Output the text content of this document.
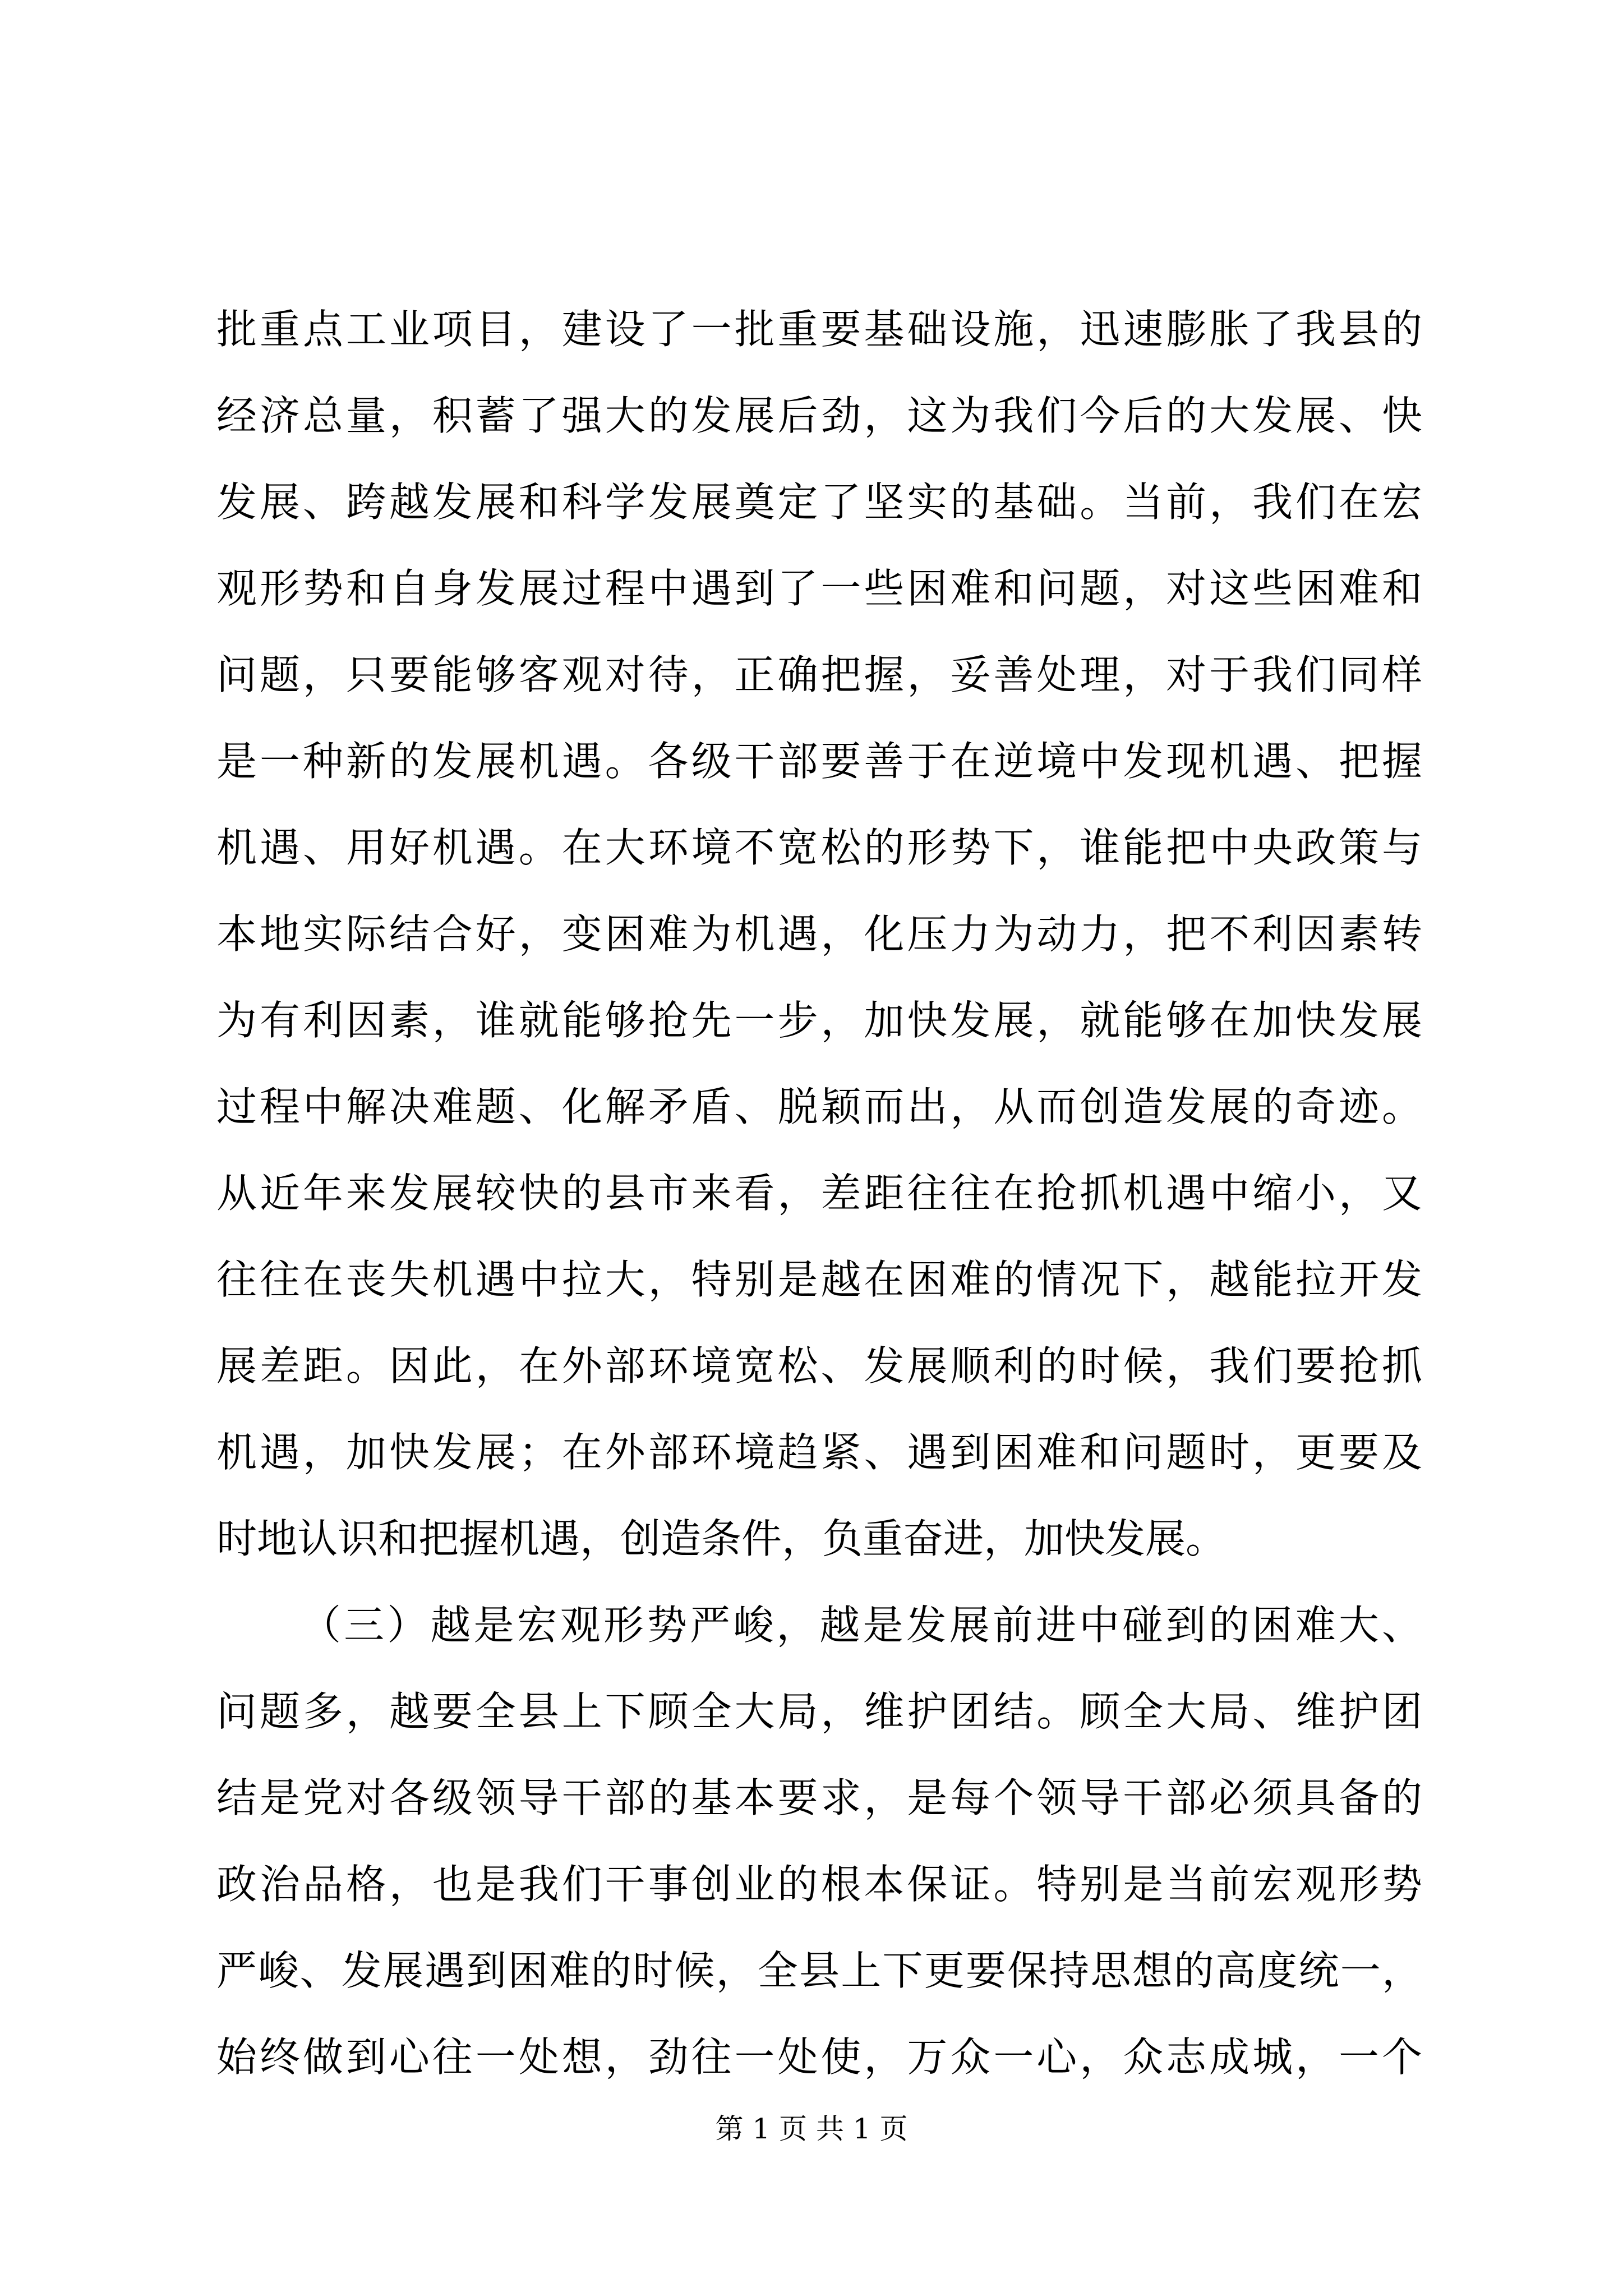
批重点工业项目，建设了一批重要基础设施，迅速膨胀了我县的
经济总量，积蓄了强大的发展后劲，这为我们今后的大发展、快
发展、跨越发展和科学发展奠定了坚实的基础。当前，我们在宏
观形势和自身发展过程中遇到了一些困难和问题，对这些困难和
问题，只要能够客观对待，正确把握，妥善处理，对于我们同样
是一种新的发展机遇。各级干部要善于在逆境中发现机遇、把握
机遇、用好机遇。在大环境不宽松的形势下，谁能把中央政策与
本地实际结合好，变困难为机遇，化压力为动力，把不利因素转
为有利因素，谁就能够抢先一步，加快发展，就能够在加快发展
过程中解决难题、化解矛盾、脱颖而出，从而创造发展的奇迹。
从近年来发展较快的县市来看，差距往往在抢抓机遇中缩小，又
往往在丧失机遇中拉大，特别是越在困难的情况下，越能拉开发
展差距。因此，在外部环境宽松、发展顺利的时候，我们要抢抓
机遇，加快发展；在外部环境趋紧、遇到困难和问题时，更要及
时地认识和把握机遇，创造条件，负重奋进，加快发展。
（三）越是宏观形势严峻，越是发展前进中碰到的困难大、
问题多，越要全县上下顾全大局，维护团结。顾全大局、维护团
结是党对各级领导干部的基本要求，是每个领导干部必须具备的
政治品格，也是我们干事创业的根本保证。特别是当前宏观形势
严峻、发展遇到困难的时候，全县上下更要保持思想的高度统一，
始终做到心往一处想，劲往一处使，万众一心，众志成城，一个
第 1 页 共 1 页
